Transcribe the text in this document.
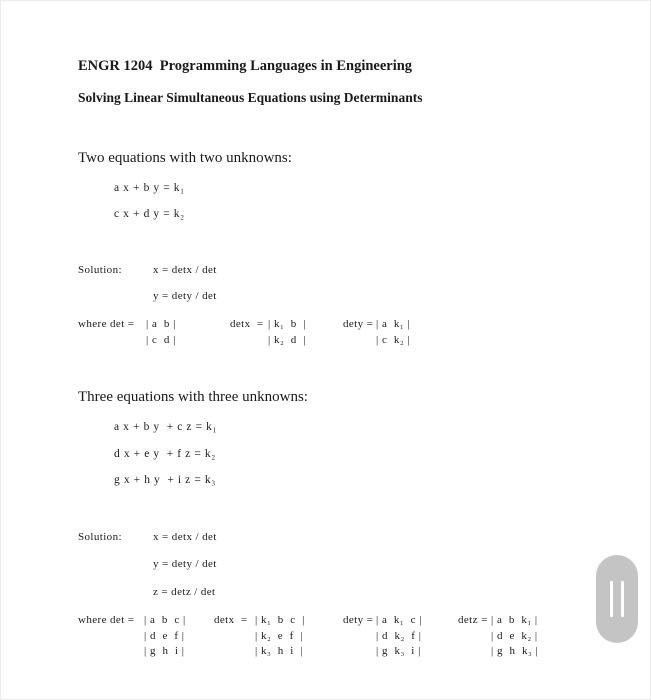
ENGR 1204  Programming Languages in Engineering
Solving Linear Simultaneous Equations using Determinants
Two equations with two unknowns:
a x + b y = k₁
c x + d y = k₂
Solution:	x = detx / det
y = dety / det
where det = | a  b |
| c  d |
detx  = | k₁  b  |
| k₂  d  |
dety = | a  k₁ |
| c  k₂ |
Three equations with three unknowns:
a x + b y  + c z = k₁
d x + e y  + f z = k₂
g x + h y  + i z = k₃
Solution:	x = detx / det
y = dety / det
z = detz / det
where det = | a  b  c |
| d  e  f |
| g  h  i |
detx  = | k₁  b  c  |
| k₂  e  f  |
| k₃  h  i  |
dety = | a  k₁  c |
| d  k₂  f |
| g  k₃  i |
detz = | a  b  k₁ |
| d  e  k₂ |
| g  h  k₃ |
